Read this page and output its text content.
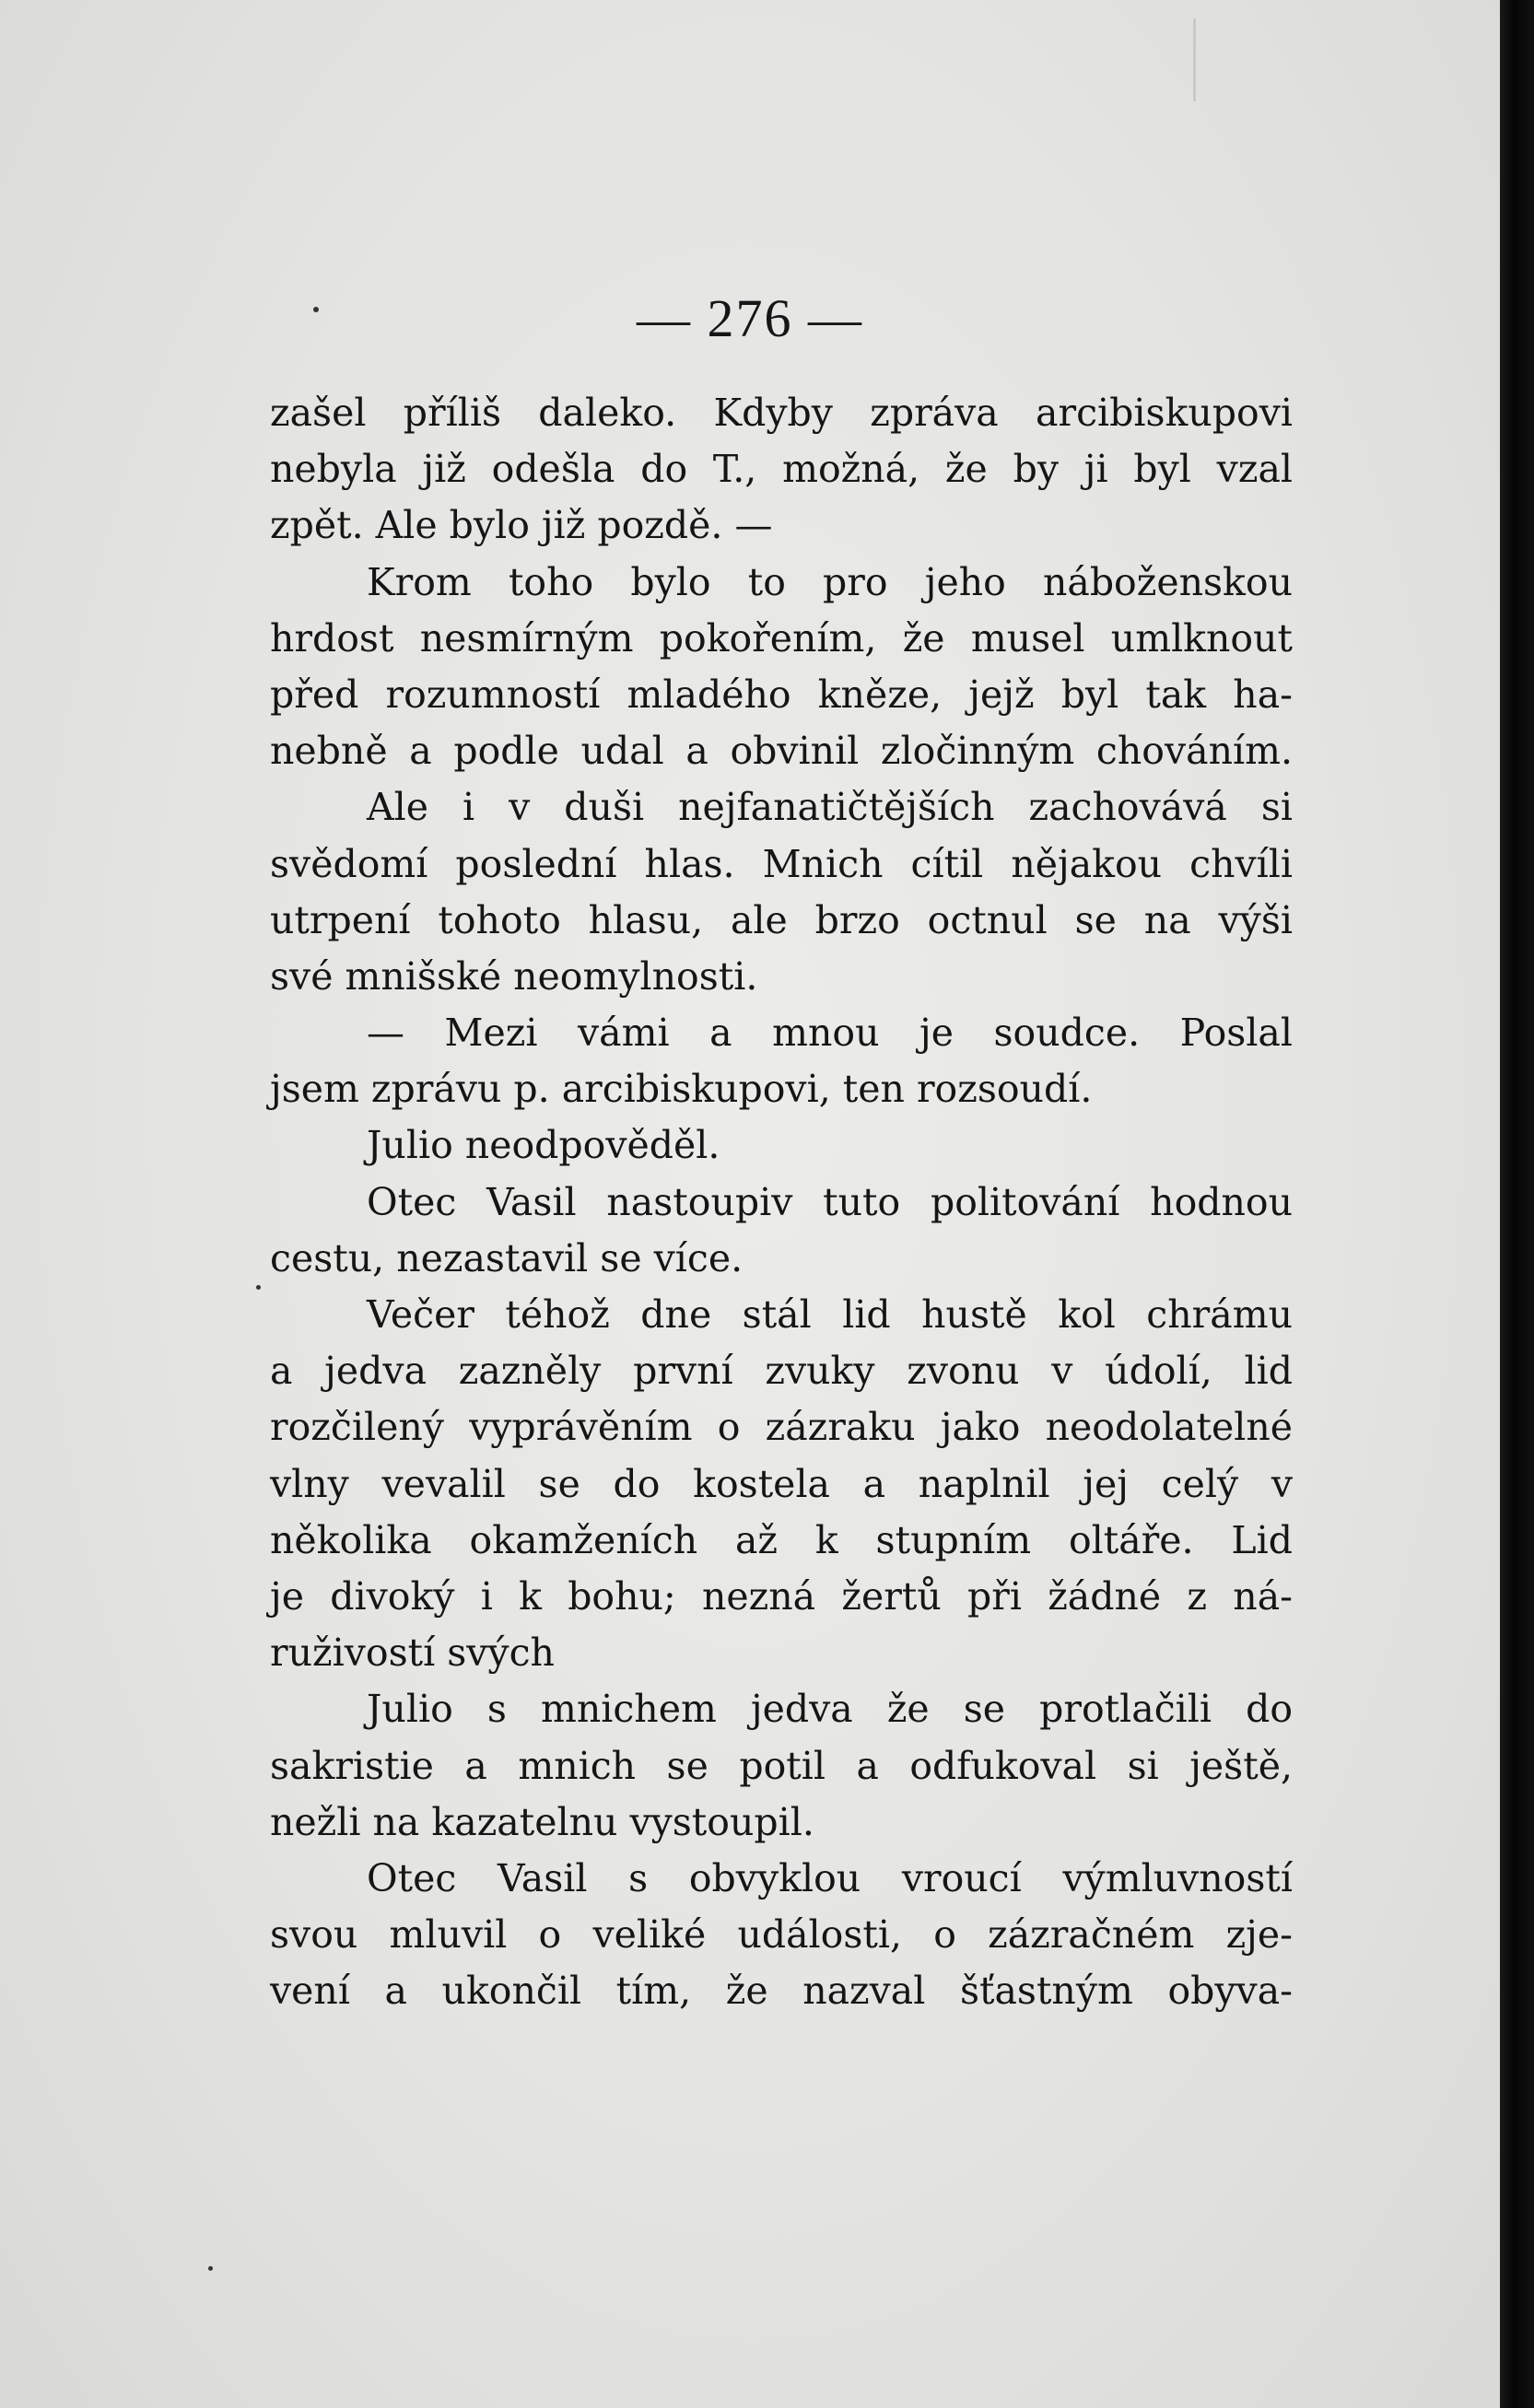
— 276 —
zašel příliš daleko. Kdyby zpráva arcibiskupovi
nebyla již odešla do T., možná, že by ji byl vzal
zpět. Ale bylo již pozdě. —
Krom toho bylo to pro jeho náboženskou
hrdost nesmírným pokořením, že musel umlknout
před rozumností mladého kněze, jejž byl tak ha-
nebně a podle udal a obvinil zločinným chováním.
Ale i v duši nejfanatičtějších zachovává si
svědomí poslední hlas. Mnich cítil nějakou chvíli
utrpení tohoto hlasu, ale brzo octnul se na výši
své mnišské neomylnosti.
— Mezi vámi a mnou je soudce. Poslal
jsem zprávu p. arcibiskupovi, ten rozsoudí.
Julio neodpověděl.
Otec Vasil nastoupiv tuto politování hodnou
cestu, nezastavil se více.
Večer téhož dne stál lid hustě kol chrámu
a jedva zazněly první zvuky zvonu v údolí, lid
rozčilený vyprávěním o zázraku jako neodolatelné
vlny vevalil se do kostela a naplnil jej celý v
několika okamženích až k stupním oltáře. Lid
je divoký i k bohu; nezná žertů při žádné z ná-
ruživostí svých
Julio s mnichem jedva že se protlačili do
sakristie a mnich se potil a odfukoval si ještě,
nežli na kazatelnu vystoupil.
Otec Vasil s obvyklou vroucí výmluvností
svou mluvil o veliké události, o zázračném zje-
vení a ukončil tím, že nazval šťastným obyva-
